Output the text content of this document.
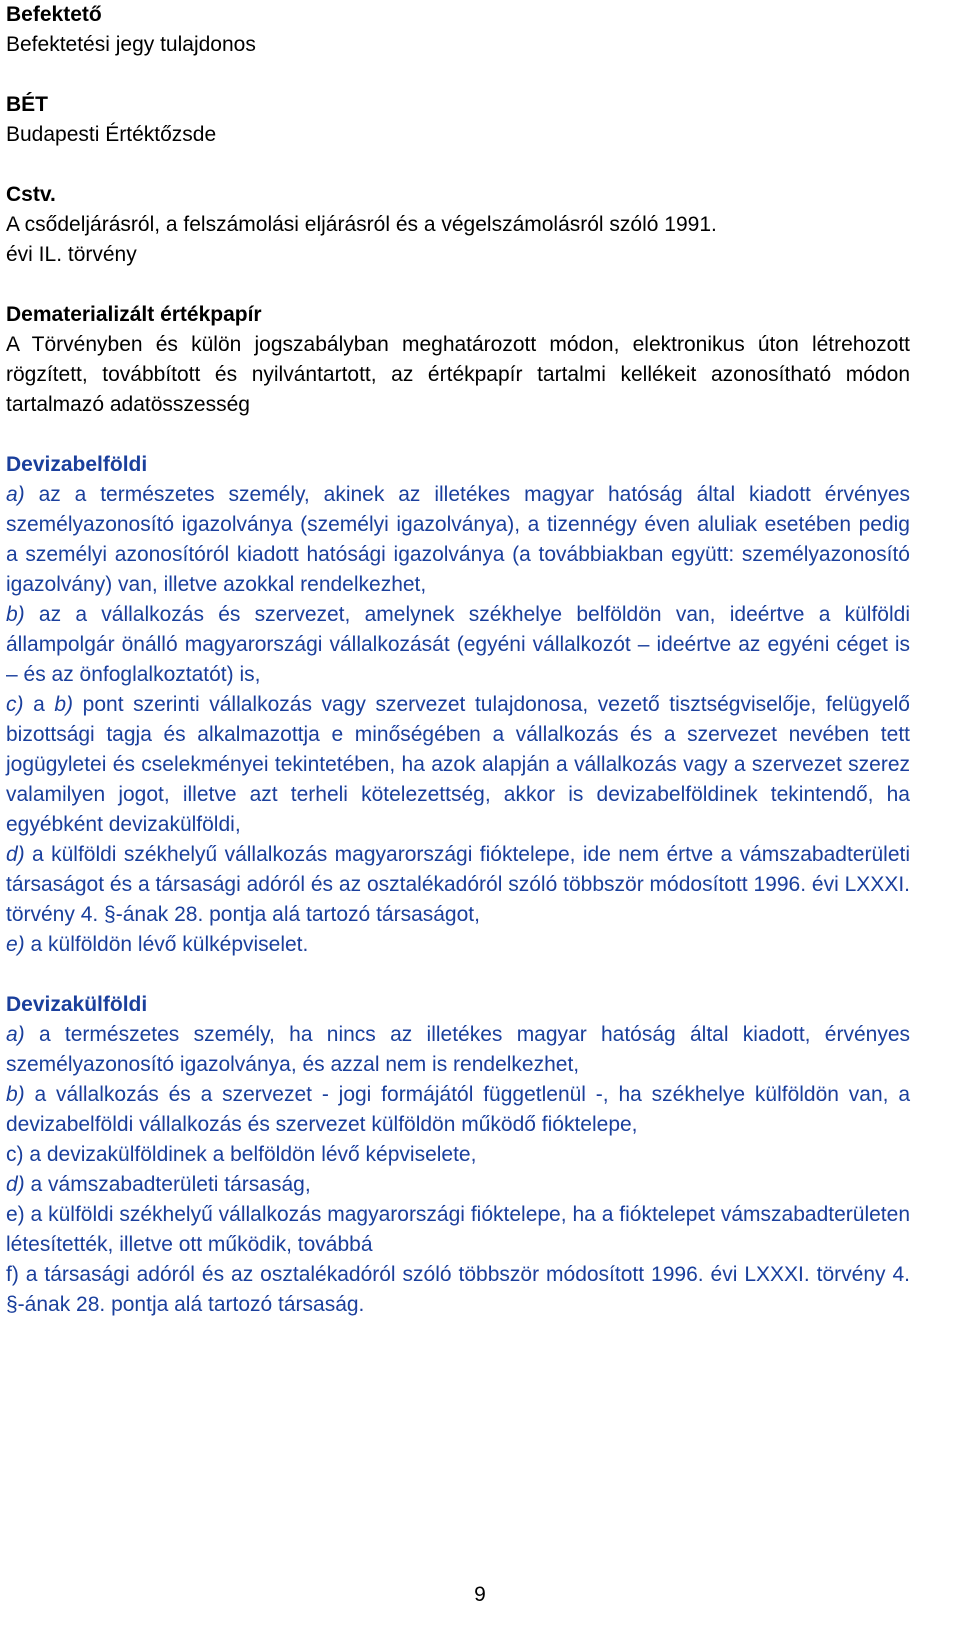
Befektető
Befektetési jegy tulajdonos
BÉT
Budapesti Értéktőzsde
Cstv.
A csődeljárásról, a felszámolási eljárásról és a végelszámolásról szóló 1991.
évi IL. törvény
Dematerializált értékpapír

A Törvényben és külön jogszabályban meghatározott módon, elektronikus úton létrehozott rögzített, továbbított és nyilvántartott, az értékpapír tartalmi kellékeit azonosítható módon tartalmazó adatösszesség

Devizabelföldi

a) az a természetes személy, akinek az illetékes magyar hatóság által kiadott érvényes személyazonosító igazolványa (személyi igazolványa), a tizennégy éven aluliak esetében pedig a személyi azonosítóról kiadott hatósági igazolványa (a továbbiakban együtt: személyazonosító igazolvány) van, illetve azokkal rendelkezhet,

b) az a vállalkozás és szervezet, amelynek székhelye belföldön van, ideértve a külföldi állampolgár önálló magyarországi vállalkozását (egyéni vállalkozót – ideértve az egyéni céget is – és az önfoglalkoztatót) is,

c) a b) pont szerinti vállalkozás vagy szervezet tulajdonosa, vezető tisztségviselője, felügyelő bizottsági tagja és alkalmazottja e minőségében a vállalkozás és a szervezet nevében tett jogügyletei és cselekményei tekintetében, ha azok alapján a vállalkozás vagy a szervezet szerez valamilyen jogot, illetve azt terheli kötelezettség, akkor is devizabelföldinek tekintendő, ha egyébként devizakülföldi,

d) a külföldi székhelyű vállalkozás magyarországi fióktelepe, ide nem értve a vámszabadterületi társaságot és a társasági adóról és az osztalékadóról szóló többször módosított 1996. évi LXXXI. törvény 4. §-ának 28. pontja alá tartozó társaságot,

e) a külföldön lévő külképviselet.

Devizakülföldi

a) a természetes személy, ha nincs az illetékes magyar hatóság által kiadott, érvényes személyazonosító igazolványa, és azzal nem is rendelkezhet,

b) a vállalkozás és a szervezet - jogi formájától függetlenül -, ha székhelye külföldön van, a devizabelföldi vállalkozás és szervezet külföldön működő fióktelepe,

c) a devizakülföldinek a belföldön lévő képviselete,

d) a vámszabadterületi társaság,

e) a külföldi székhelyű vállalkozás magyarországi fióktelepe, ha a fióktelepet vámszabadterületen létesítették, illetve ott működik, továbbá

f) a társasági adóról és az osztalékadóról szóló többször módosított 1996. évi LXXXI. törvény 4. §-ának 28. pontja alá tartozó társaság.

9
